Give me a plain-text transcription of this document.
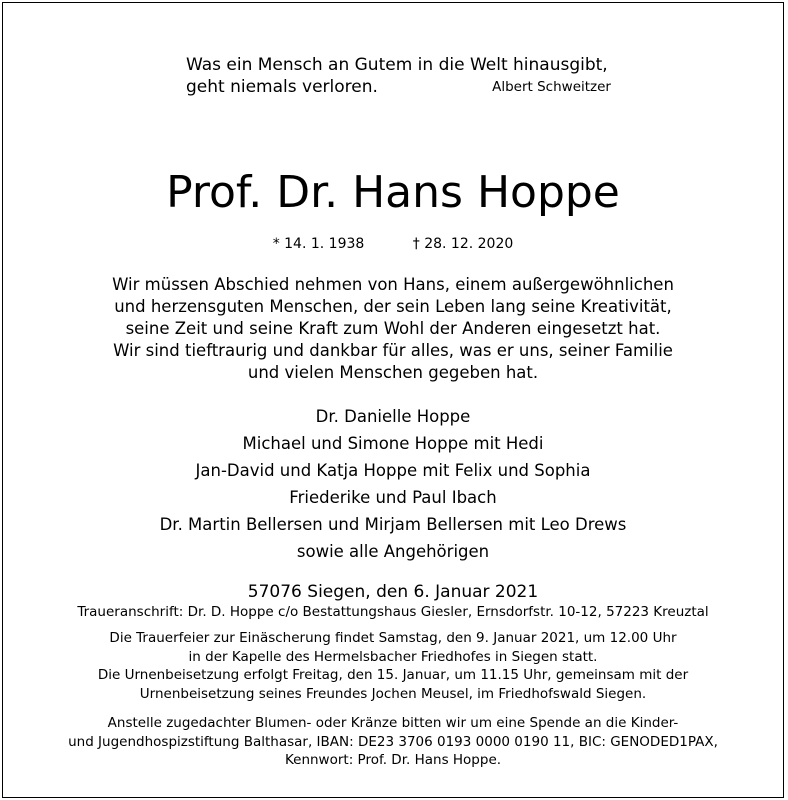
Was ein Mensch an Gutem in die Welt hinausgibt,
geht niemals verloren.	Albert Schweitzer
Prof. Dr. Hans Hoppe
* 14. 1. 1938	† 28. 12. 2020
Wir müssen Abschied nehmen von Hans, einem außergewöhnlichen
und herzensguten Menschen, der sein Leben lang seine Kreativität,
seine Zeit und seine Kraft zum Wohl der Anderen eingesetzt hat.
Wir sind tieftraurig und dankbar für alles, was er uns, seiner Familie
und vielen Menschen gegeben hat.
Dr. Danielle Hoppe
Michael und Simone Hoppe mit Hedi
Jan-David und Katja Hoppe mit Felix und Sophia
Friederike und Paul Ibach
Dr. Martin Bellersen und Mirjam Bellersen mit Leo Drews
sowie alle Angehörigen
57076 Siegen, den 6. Januar 2021
Traueranschrift: Dr. D. Hoppe c/o Bestattungshaus Giesler, Ernsdorfstr. 10-12, 57223 Kreuztal
Die Trauerfeier zur Einäscherung findet Samstag, den 9. Januar 2021, um 12.00 Uhr
in der Kapelle des Hermelsbacher Friedhofes in Siegen statt.
Die Urnenbeisetzung erfolgt Freitag, den 15. Januar, um 11.15 Uhr, gemeinsam mit der
Urnenbeisetzung seines Freundes Jochen Meusel, im Friedhofswald Siegen.
Anstelle zugedachter Blumen- oder Kränze bitten wir um eine Spende an die Kinder-
und Jugendhospizstiftung Balthasar, IBAN: DE23 3706 0193 0000 0190 11, BIC: GENODED1PAX,
Kennwort: Prof. Dr. Hans Hoppe.
